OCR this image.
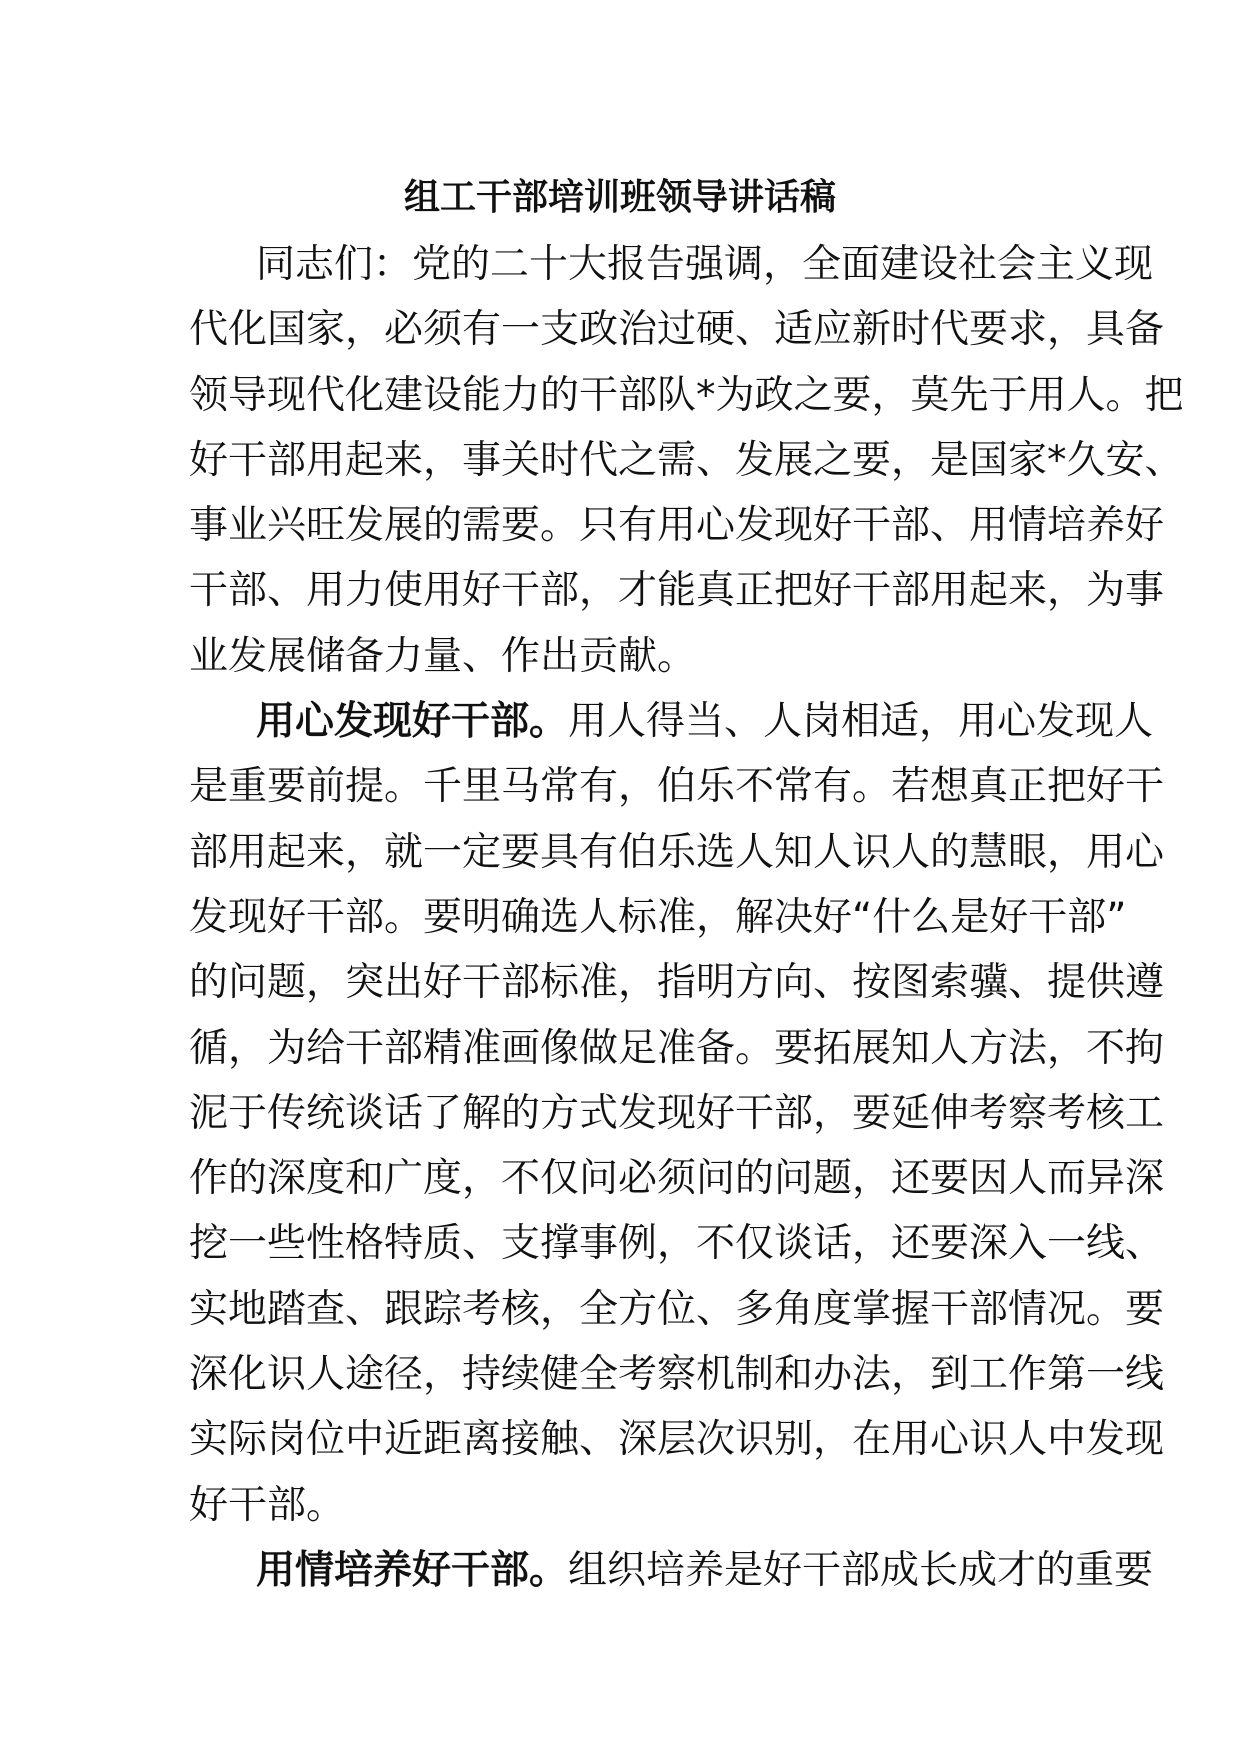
组工干部培训班领导讲话稿
同志们：党的二十大报告强调，全面建设社会主义现
代化国家，必须有一支政治过硬、适应新时代要求，具备
领导现代化建设能力的干部队*为政之要，莫先于用人。把
好干部用起来，事关时代之需、发展之要，是国家*久安、
事业兴旺发展的需要。只有用心发现好干部、用情培养好
干部、用力使用好干部，才能真正把好干部用起来，为事
业发展储备力量、作出贡献。
用心发现好干部。用人得当、人岗相适，用心发现人
是重要前提。千里马常有，伯乐不常有。若想真正把好干
部用起来，就一定要具有伯乐选人知人识人的慧眼，用心
发现好干部。要明确选人标准，解决好“什么是好干部”
的问题，突出好干部标准，指明方向、按图索骥、提供遵
循，为给干部精准画像做足准备。要拓展知人方法，不拘
泥于传统谈话了解的方式发现好干部，要延伸考察考核工
作的深度和广度，不仅问必须问的问题，还要因人而异深
挖一些性格特质、支撑事例，不仅谈话，还要深入一线、
实地踏查、跟踪考核，全方位、多角度掌握干部情况。要
深化识人途径，持续健全考察机制和办法，到工作第一线
实际岗位中近距离接触、深层次识别，在用心识人中发现
好干部。
用情培养好干部。组织培养是好干部成长成才的重要
